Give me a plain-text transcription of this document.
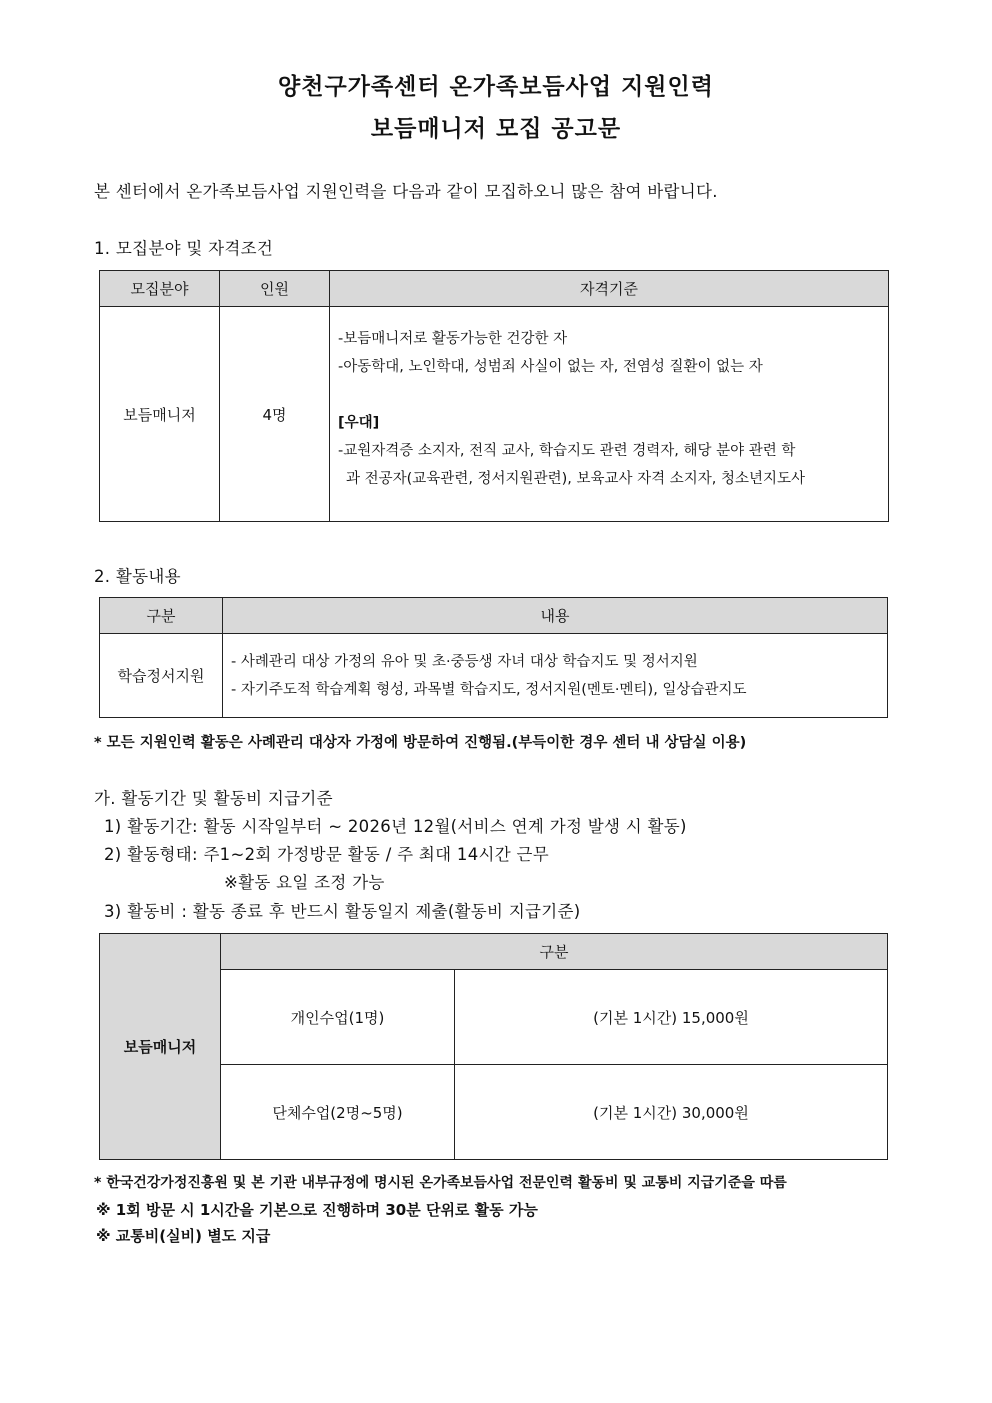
양천구가족센터 온가족보듬사업 지원인력
보듬매니저 모집 공고문
본 센터에서 온가족보듬사업 지원인력을 다음과 같이 모집하오니 많은 참여 바랍니다.
1. 모집분야 및 자격조건
모집분야	인원	자격기준
보듬매니저	4명	-보듬매니저로 활동가능한 건강한 자
-아동학대, 노인학대, 성범죄 사실이 없는 자, 전염성 질환이 없는 자
[우대]
-교원자격증 소지자, 전직 교사, 학습지도 관련 경력자, 해당 분야 관련 학
과 전공자(교육관련, 정서지원관련), 보육교사 자격 소지자, 청소년지도사
2. 활동내용
구분	내용
학습정서지원	- 사례관리 대상 가정의 유아 및 초·중등생 자녀 대상 학습지도 및 정서지원
- 자기주도적 학습계획 형성, 과목별 학습지도, 정서지원(멘토·멘티), 일상습관지도
* 모든 지원인력 활동은 사례관리 대상자 가정에 방문하여 진행됨.(부득이한 경우 센터 내 상담실 이용)
가. 활동기간 및 활동비 지급기준
1) 활동기간: 활동 시작일부터 ~ 2026년 12월(서비스 연계 가정 발생 시 활동)
2) 활동형태: 주1~2회 가정방문 활동 / 주 최대 14시간 근무
※활동 요일 조정 가능
3) 활동비 : 활동 종료 후 반드시 활동일지 제출(활동비 지급기준)
보듬매니저	구분	
	개인수업(1명)	(기본 1시간) 15,000원
	단체수업(2명~5명)	(기본 1시간) 30,000원
* 한국건강가정진흥원 및 본 기관 내부규정에 명시된 온가족보듬사업 전문인력 활동비 및 교통비 지급기준을 따름
※ 1회 방문 시 1시간을 기본으로 진행하며 30분 단위로 활동 가능
※ 교통비(실비) 별도 지급
